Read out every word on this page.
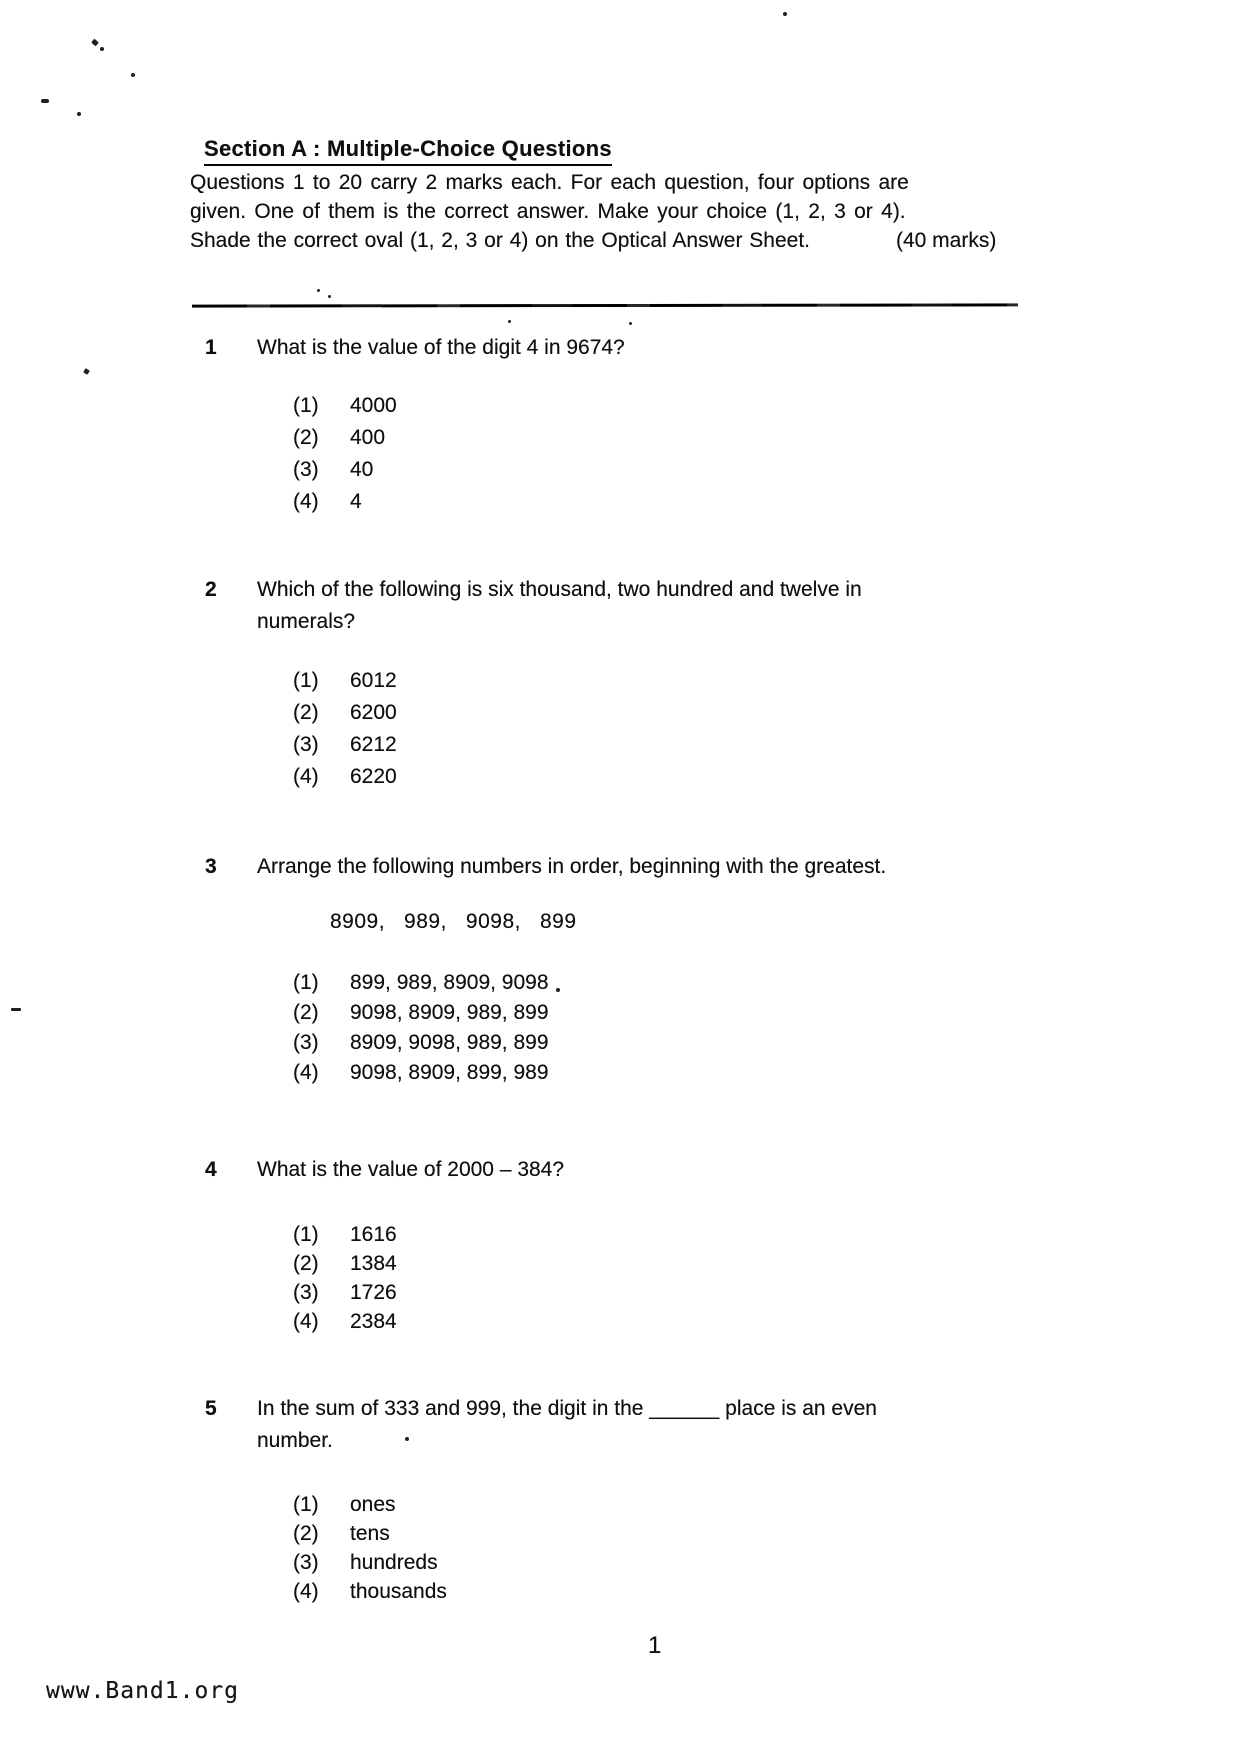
Section A : Multiple-Choice Questions
Questions 1 to 20 carry 2 marks each. For each question, four options are
given. One of them is the correct answer. Make your choice (1, 2, 3 or 4).
Shade the correct oval (1, 2, 3 or 4) on the Optical Answer Sheet.	(40 marks)
1	What is the value of the digit 4 in 9674?
(1) 4000
(2) 400
(3) 40
(4) 4
2	Which of the following is six thousand, two hundred and twelve in
numerals?
(1) 6012
(2) 6200
(3) 6212
(4) 6220
3	Arrange the following numbers in order, beginning with the greatest.
8909,   989,   9098,   899
(1) 899, 989, 8909, 9098
(2) 9098, 8909, 989, 899
(3) 8909, 9098, 989, 899
(4) 9098, 8909, 899, 989
4	What is the value of 2000 – 384?
(1) 1616
(2) 1384
(3) 1726
(4) 2384
5	In the sum of 333 and 999, the digit in the ______ place is an even
number.
(1) ones
(2) tens
(3) hundreds
(4) thousands
1
www.Band1.org
